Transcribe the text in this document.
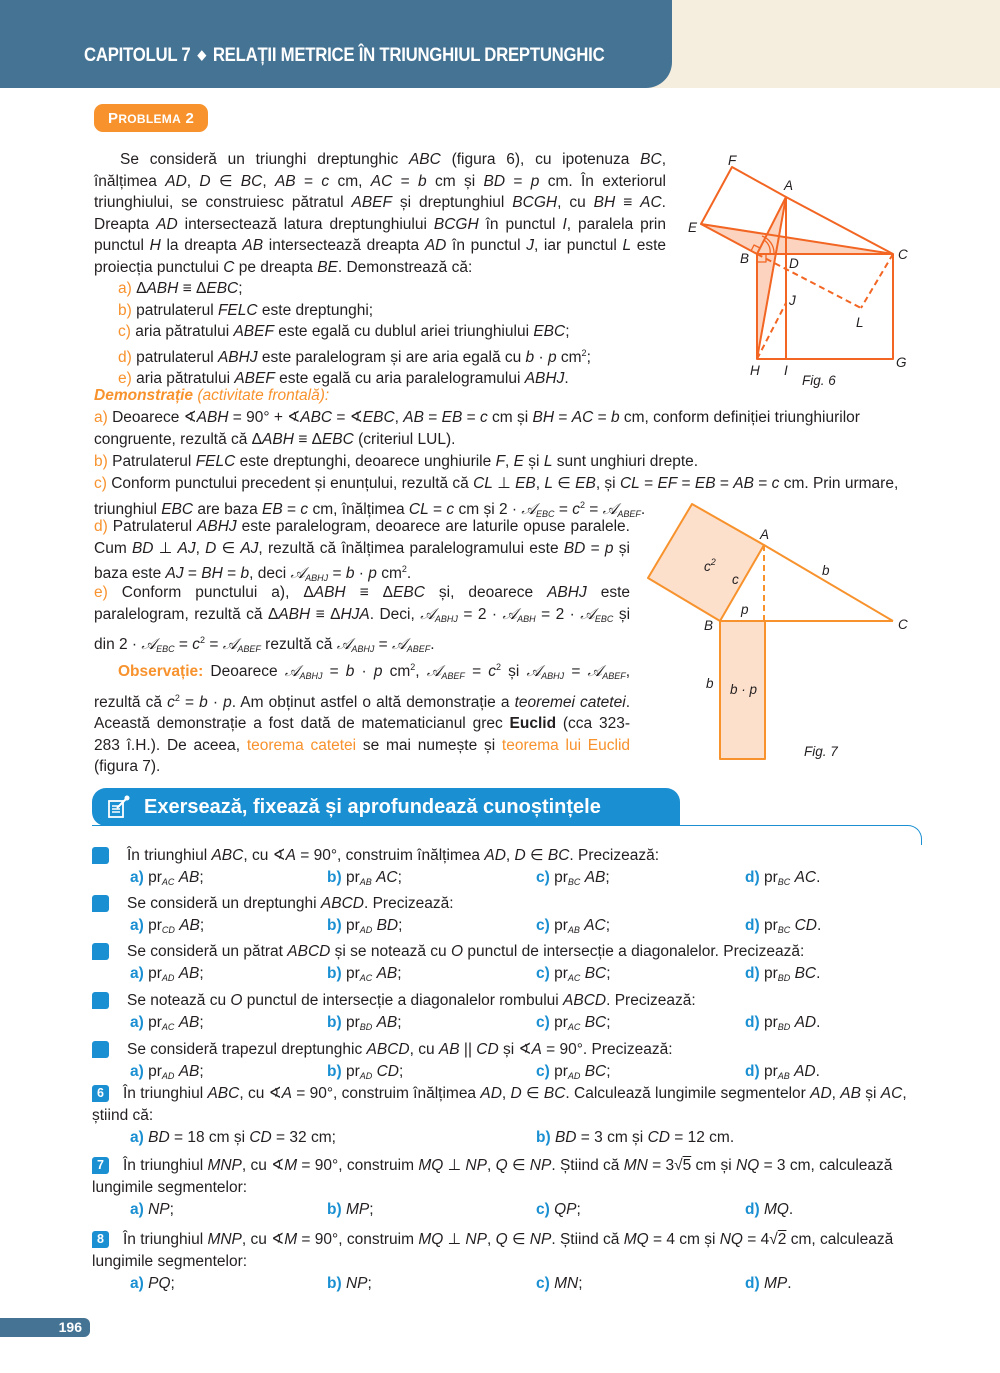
CAPITOLUL 7 ◆ RELAȚII METRICE ÎN TRIUNGHIUL DREPTUNGHIC
PROBLEMA 2
Se consideră un triunghi dreptunghic ABC (figura 6), cu ipotenuza BC, înălțimea AD, D ∈ BC, AB = c cm, AC = b cm și BD = p cm. În exteriorul triunghiului, se construiesc pătratul ABEF și dreptunghiul BCGH, cu BH ≡ AC. Dreapta AD intersectează latura dreptunghiului BCGH în punctul I, paralela prin punctul H la dreapta AB intersectează dreapta AD în punctul J, iar punctul L este proiecția punctului C pe dreapta BE. Demonstrează că:
a) ΔABH ≡ ΔEBC;
b) patrulaterul FELC este dreptunghi;
c) aria pătratului ABEF este egală cu dublul ariei triunghiului EBC;
d) patrulaterul ABHJ este paralelogram și are aria egală cu b · p $cm^2$;
e) aria pătratului ABEF este egală cu aria paralelogramului ABHJ.
F
A
E
B	D
C
J
L
H I
G
Fig. 6
Demonstrație (activitate frontală):
a) Deoarece ∢ABH = 90° + ∢ABC = ∢EBC, AB = EB = c cm și BH = AC = b cm, conform definiției triunghiurilor congruente, rezultă că ΔABH ≡ ΔEBC (criteriul LUL).
b) Patrulaterul FELC este dreptunghi, deoarece unghiurile F, E și L sunt unghiuri drepte.
c) Conform punctului precedent și enunțului, rezultă că CL ⊥ EB, L ∈ EB, și CL = EF = EB = AB = c cm. Prin urmare, triunghiul EBC are baza EB = c cm, înălțimea CL = c cm și 2 · 𝒜$_{EBC}$ = $c^2$ = 𝒜$_{ABEF}$.
d) Patrulaterul ABHJ este paralelogram, deoarece are laturile opuse paralele. Cum BD ⊥ AJ, D ∈ AJ, rezultă că înălțimea paralelogramului este BD = p și baza este AJ = BH = b, deci 𝒜$_{ABHJ}$ = b · p $cm^2$.
e) Conform punctului a), ΔABH ≡ ΔEBC și, deoarece ABHJ este paralelogram, rezultă că ΔABH ≡ ΔHJA. Deci, 𝒜$_{ABHJ}$ = 2 · 𝒜$_{ABH}$ = 2 · 𝒜$_{EBC}$ și din 2 · 𝒜$_{EBC}$ = $c^2$ = 𝒜$_{ABEF}$ rezultă că 𝒜$_{ABHJ}$ = 𝒜$_{ABEF}$.
Observație: Deoarece 𝒜$_{ABHJ}$ = b · p $cm^2$, 𝒜$_{ABEF}$ = $c^2$ și 𝒜$_{ABHJ}$ = 𝒜$_{ABEF}$, rezultă că $c^2 = b \cdot p$. Am obținut astfel o altă demonstrație a teoremei catetei. Această demonstrație a fost dată de matematicianul grec Euclid (cca 323-283 î.H.). De aceea, teorema catetei se mai numește și teorema lui Euclid (figura 7).
A
B	C
$c^2$
c
b
p
b b · p
Fig. 7
Exersează, fixează și aprofundează cunoștințele
1	În triunghiul ABC, cu ∢A = 90°, construim înălțimea AD, D ∈ BC. Precizează:
a) $pr_{AC}$ AB;	b) $pr_{AB}$ AC;	c) $pr_{BC}$ AB;	d) $pr_{BC}$ AC.
2	Se consideră un dreptunghi ABCD. Precizează:
a) $pr_{CD}$ AB;	b) $pr_{AD}$ BD;	c) $pr_{AB}$ AC;	d) $pr_{BC}$ CD.
3	Se consideră un pătrat ABCD și se notează cu O punctul de intersecție a diagonalelor. Precizează:
a) $pr_{AD}$ AB;	b) $pr_{AC}$ AB;	c) $pr_{AC}$ BC;	d) $pr_{BD}$ BC.
4	Se notează cu O punctul de intersecție a diagonalelor rombului ABCD. Precizează:
a) $pr_{AC}$ AB;	b) $pr_{BD}$ AB;	c) $pr_{AC}$ BC;	d) $pr_{BD}$ AD.
5	Se consideră trapezul dreptunghic ABCD, cu AB || CD și ∢A = 90°. Precizează:
a) $pr_{AD}$ AB;	b) $pr_{AD}$ CD;	c) $pr_{AD}$ BC;	d) $pr_{AB}$ AD.
6 În triunghiul ABC, cu ∢A = 90°, construim înălțimea AD, D ∈ BC. Calculează lungimile segmentelor AD, AB și AC, știind că:
a) BD = 18 cm și CD = 32 cm;	b) BD = 3 cm și CD = 12 cm.
7 În triunghiul MNP, cu ∢M = 90°, construim MQ ⊥ NP, Q ∈ NP. Știind că MN = 3√5 cm și NQ = 3 cm, calculează lungimile segmentelor:
a) NP;	b) MP;	c) QP;	d) MQ.
8 În triunghiul MNP, cu ∢M = 90°, construim MQ ⊥ NP, Q ∈ NP. Știind că MQ = 4 cm și NQ = 4√2 cm, calculează lungimile segmentelor:
a) PQ;	b) NP;	c) MN;	d) MP.
196
